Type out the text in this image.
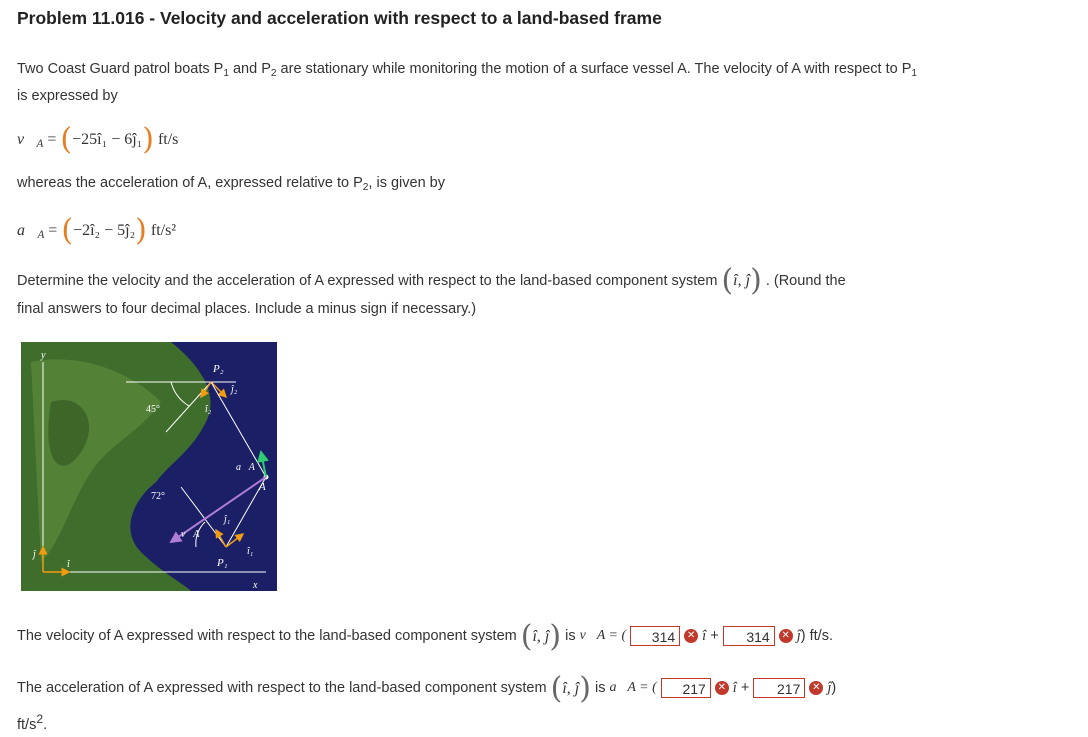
Problem 11.016 - Velocity and acceleration with respect to a land-based frame
Two Coast Guard patrol boats $P_1$ and $P_2$ are stationary while monitoring the motion of a surface vessel A. The velocity of A with respect to $P_1$ is expressed by
$v⃗_A$ = (−25î₁ − 6ĵ₁) ft/s
whereas the acceleration of A, expressed relative to $P_2$, is given by
$a⃗_A$ = (−2î₂ − 5ĵ₂) ft/s²
Determine the velocity and the acceleration of A expressed with respect to the land-based component system (î, ĵ) . (Round the
final answers to four decimal places. Include a minus sign if necessary.)
y
x
ĵ
î
45°
P₂
ĵ₂
î₂
72°
P₁
î₁
ĵ₁
A
a⃗A
v⃗A
The velocity of A expressed with respect to the land-based component system
(î, ĵ)
is
v⃗A = (	314	✕ î
+
	314	✕ ĵ ) ft/s.
The acceleration of A expressed with respect to the land-based component system
(î, ĵ)
is
a⃗A = (	217	✕ î
+
	217	✕ ĵ )
$ft/s^2$.
